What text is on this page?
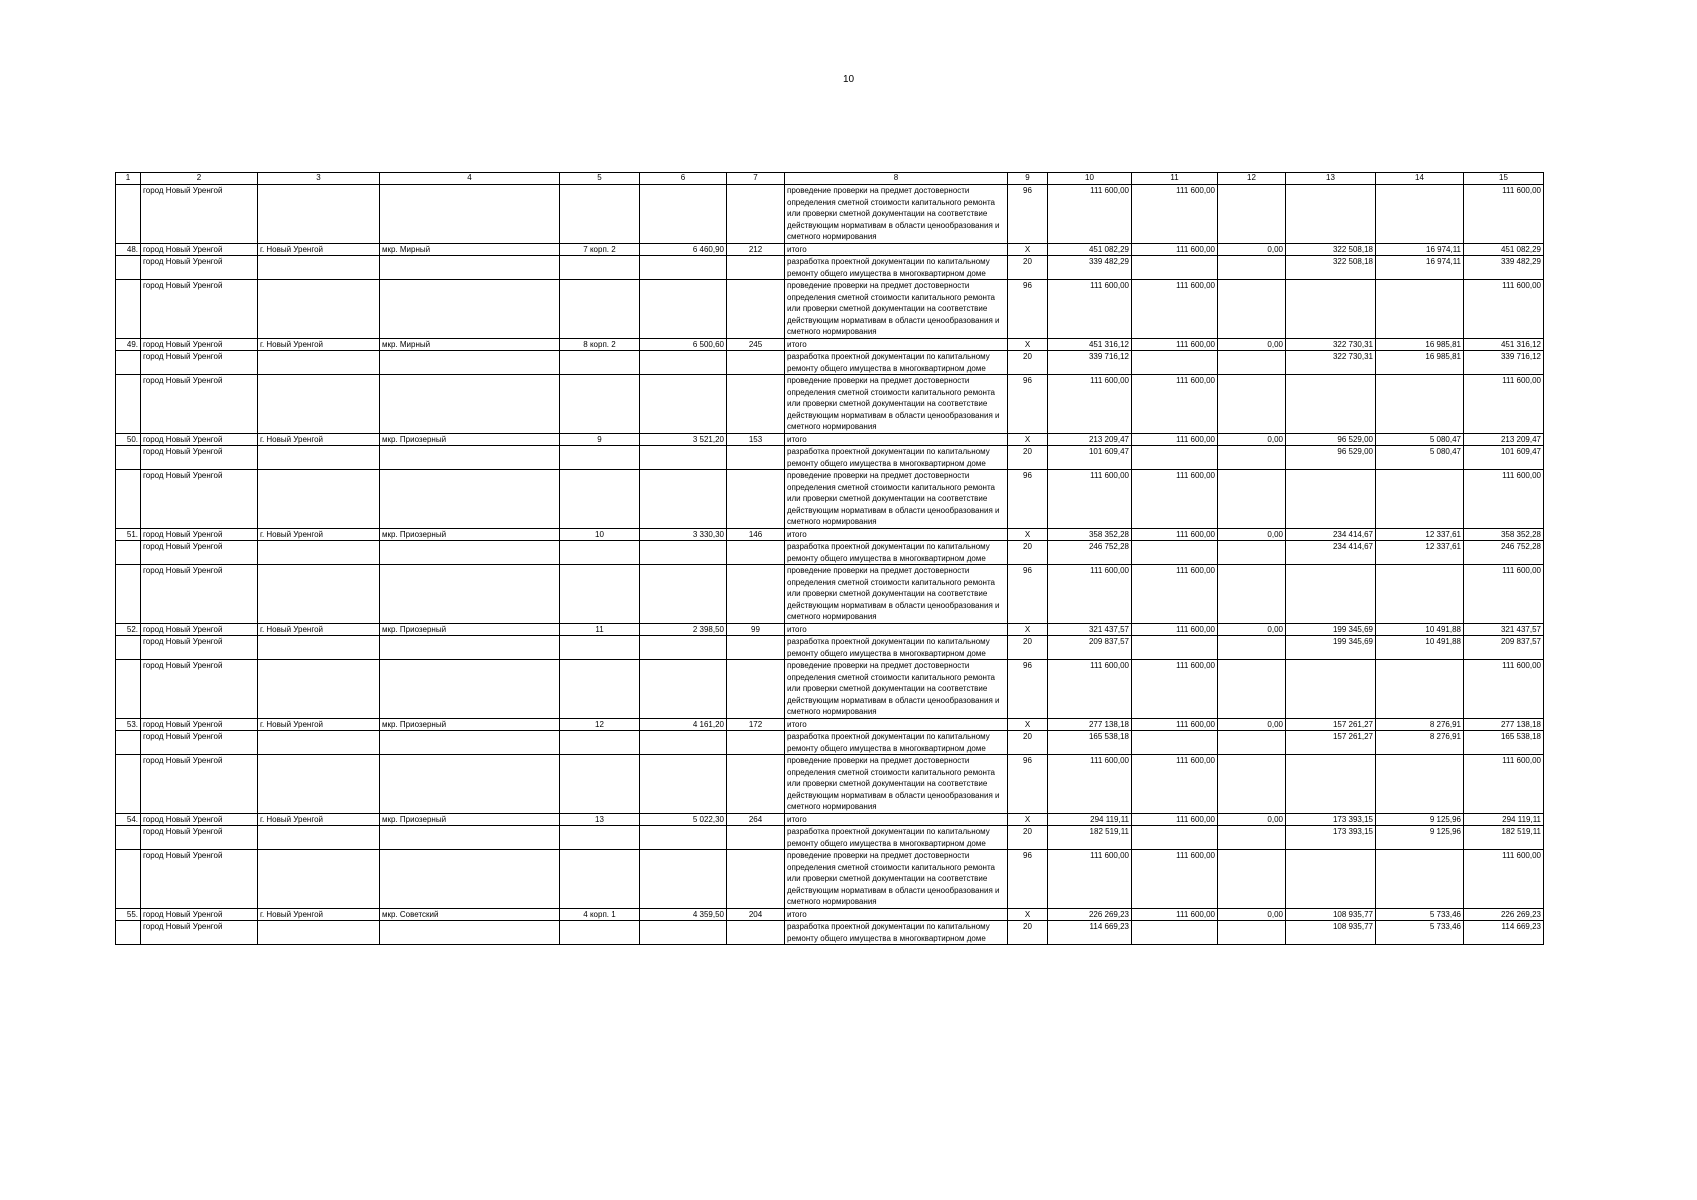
10
1	2	3	4	5	6	7	8	9	10	11	12	13	14	15
	город Новый Уренгой						проведение проверки на предмет достоверности определения сметной стоимости капитального ремонта или проверки сметной документации на соответствие действующим нормативам в области ценообразования и сметного нормирования	96	111 600,00	111 600,00				111 600,00
48.	город Новый Уренгой	г. Новый Уренгой	мкр. Мирный	7 корп. 2	6 460,90	212	итого	X	451 082,29	111 600,00	0,00	322 508,18	16 974,11	451 082,29
	город Новый Уренгой						разработка проектной документации по капитальному ремонту общего имущества в многоквартирном доме	20	339 482,29			322 508,18	16 974,11	339 482,29
	город Новый Уренгой						проведение проверки на предмет достоверности определения сметной стоимости капитального ремонта или проверки сметной документации на соответствие действующим нормативам в области ценообразования и сметного нормирования	96	111 600,00	111 600,00				111 600,00
49.	город Новый Уренгой	г. Новый Уренгой	мкр. Мирный	8 корп. 2	6 500,60	245	итого	X	451 316,12	111 600,00	0,00	322 730,31	16 985,81	451 316,12
	город Новый Уренгой						разработка проектной документации по капитальному ремонту общего имущества в многоквартирном доме	20	339 716,12			322 730,31	16 985,81	339 716,12
	город Новый Уренгой						проведение проверки на предмет достоверности определения сметной стоимости капитального ремонта или проверки сметной документации на соответствие действующим нормативам в области ценообразования и сметного нормирования	96	111 600,00	111 600,00				111 600,00
50.	город Новый Уренгой	г. Новый Уренгой	мкр. Приозерный	9	3 521,20	153	итого	X	213 209,47	111 600,00	0,00	96 529,00	5 080,47	213 209,47
	город Новый Уренгой						разработка проектной документации по капитальному ремонту общего имущества в многоквартирном доме	20	101 609,47			96 529,00	5 080,47	101 609,47
	город Новый Уренгой						проведение проверки на предмет достоверности определения сметной стоимости капитального ремонта или проверки сметной документации на соответствие действующим нормативам в области ценообразования и сметного нормирования	96	111 600,00	111 600,00				111 600,00
51.	город Новый Уренгой	г. Новый Уренгой	мкр. Приозерный	10	3 330,30	146	итого	X	358 352,28	111 600,00	0,00	234 414,67	12 337,61	358 352,28
	город Новый Уренгой						разработка проектной документации по капитальному ремонту общего имущества в многоквартирном доме	20	246 752,28			234 414,67	12 337,61	246 752,28
	город Новый Уренгой						проведение проверки на предмет достоверности определения сметной стоимости капитального ремонта или проверки сметной документации на соответствие действующим нормативам в области ценообразования и сметного нормирования	96	111 600,00	111 600,00				111 600,00
52.	город Новый Уренгой	г. Новый Уренгой	мкр. Приозерный	11	2 398,50	99	итого	X	321 437,57	111 600,00	0,00	199 345,69	10 491,88	321 437,57
	город Новый Уренгой						разработка проектной документации по капитальному ремонту общего имущества в многоквартирном доме	20	209 837,57			199 345,69	10 491,88	209 837,57
	город Новый Уренгой						проведение проверки на предмет достоверности определения сметной стоимости капитального ремонта или проверки сметной документации на соответствие действующим нормативам в области ценообразования и сметного нормирования	96	111 600,00	111 600,00				111 600,00
53.	город Новый Уренгой	г. Новый Уренгой	мкр. Приозерный	12	4 161,20	172	итого	X	277 138,18	111 600,00	0,00	157 261,27	8 276,91	277 138,18
	город Новый Уренгой						разработка проектной документации по капитальному ремонту общего имущества в многоквартирном доме	20	165 538,18			157 261,27	8 276,91	165 538,18
	город Новый Уренгой						проведение проверки на предмет достоверности определения сметной стоимости капитального ремонта или проверки сметной документации на соответствие действующим нормативам в области ценообразования и сметного нормирования	96	111 600,00	111 600,00				111 600,00
54.	город Новый Уренгой	г. Новый Уренгой	мкр. Приозерный	13	5 022,30	264	итого	X	294 119,11	111 600,00	0,00	173 393,15	9 125,96	294 119,11
	город Новый Уренгой						разработка проектной документации по капитальному ремонту общего имущества в многоквартирном доме	20	182 519,11			173 393,15	9 125,96	182 519,11
	город Новый Уренгой						проведение проверки на предмет достоверности определения сметной стоимости капитального ремонта или проверки сметной документации на соответствие действующим нормативам в области ценообразования и сметного нормирования	96	111 600,00	111 600,00				111 600,00
55.	город Новый Уренгой	г. Новый Уренгой	мкр. Советский	4 корп. 1	4 359,50	204	итого	X	226 269,23	111 600,00	0,00	108 935,77	5 733,46	226 269,23
	город Новый Уренгой						разработка проектной документации по капитальному ремонту общего имущества в многоквартирном доме	20	114 669,23			108 935,77	5 733,46	114 669,23
